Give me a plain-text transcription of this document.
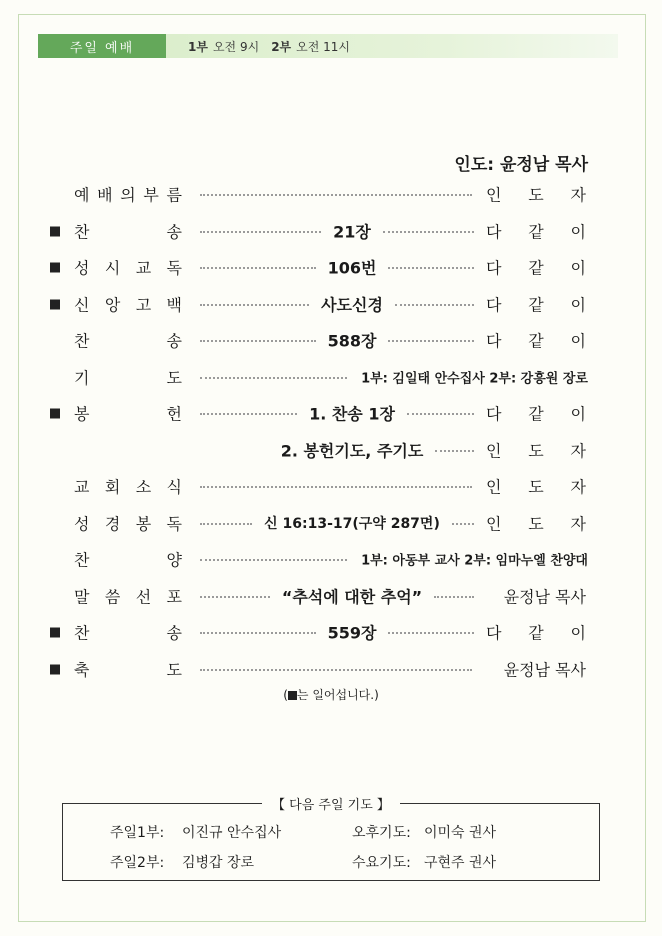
주일 예배	1부 오전 9시 2부 오전 11시
인도: 윤정남 목사
예 배 의 부 름	인 도 자
찬	송	21장	다 같 이
성 시 교 독	106번	다 같 이
신 앙 고 백	사도신경	다 같 이
찬	송	588장	다 같 이
기	도	1부: 김일태 안수집사 2부: 강흥원 장로
봉	헌	1. 찬송 1장	다 같 이
2. 봉헌기도, 주기도	인 도 자
교 회 소 식	인 도 자
성 경 봉 독	신 16:13-17(구약 287면)	인 도 자
찬	양	1부: 아동부 교사 2부: 임마누엘 찬양대
말 씀 선 포	“추석에 대한 추억”	윤정남 목사
찬	송	559장	다 같 이
축	도	윤정남 목사
( 는 일어섭니다.)
【 다음 주일 기도 】
주일1부: 이진규 안수집사	오후기도: 이미숙 권사
주일2부: 김병갑 장로	수요기도: 구현주 권사
